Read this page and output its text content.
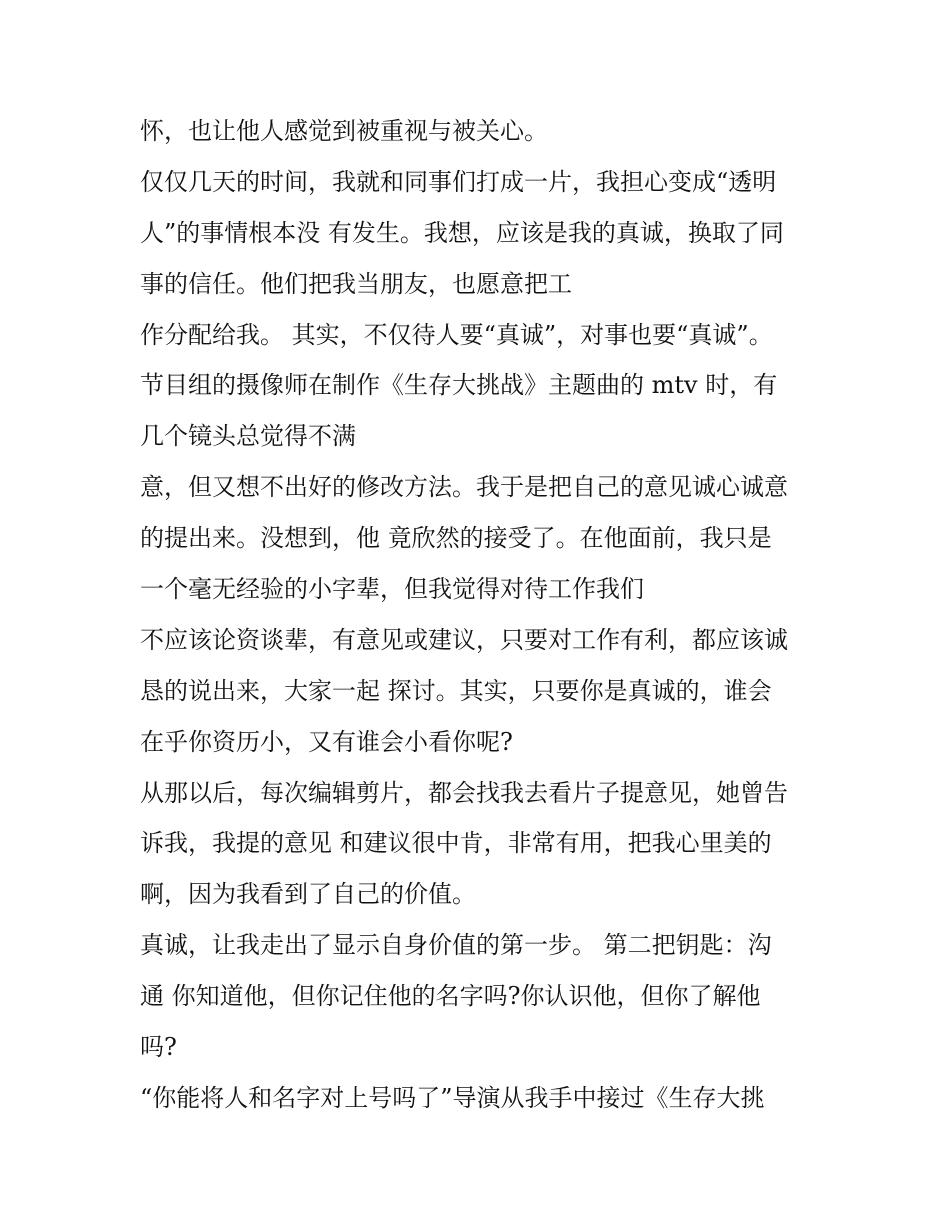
怀，也让他人感觉到被重视与被关心。
仅仅几天的时间，我就和同事们打成一片，我担心变成“透明
人”的事情根本没 有发生。我想，应该是我的真诚，换取了同
事的信任。他们把我当朋友，也愿意把工
作分配给我。 其实，不仅待人要“真诚”，对事也要“真诚”。
节目组的摄像师在制作《生存大挑战》主题曲的 mtv 时，有
几个镜头总觉得不满
意，但又想不出好的修改方法。我于是把自己的意见诚心诚意
的提出来。没想到，他 竟欣然的接受了。在他面前，我只是
一个毫无经验的小字辈，但我觉得对待工作我们
不应该论资谈辈，有意见或建议，只要对工作有利，都应该诚
恳的说出来，大家一起 探讨。其实，只要你是真诚的，谁会
在乎你资历小，又有谁会小看你呢?
从那以后，每次编辑剪片，都会找我去看片子提意见，她曾告
诉我，我提的意见 和建议很中肯，非常有用，把我心里美的
啊，因为我看到了自己的价值。
真诚，让我走出了显示自身价值的第一步。 第二把钥匙：沟
通 你知道他，但你记住他的名字吗?你认识他，但你了解他
吗?
“你能将人和名字对上号吗了”导演从我手中接过《生存大挑
